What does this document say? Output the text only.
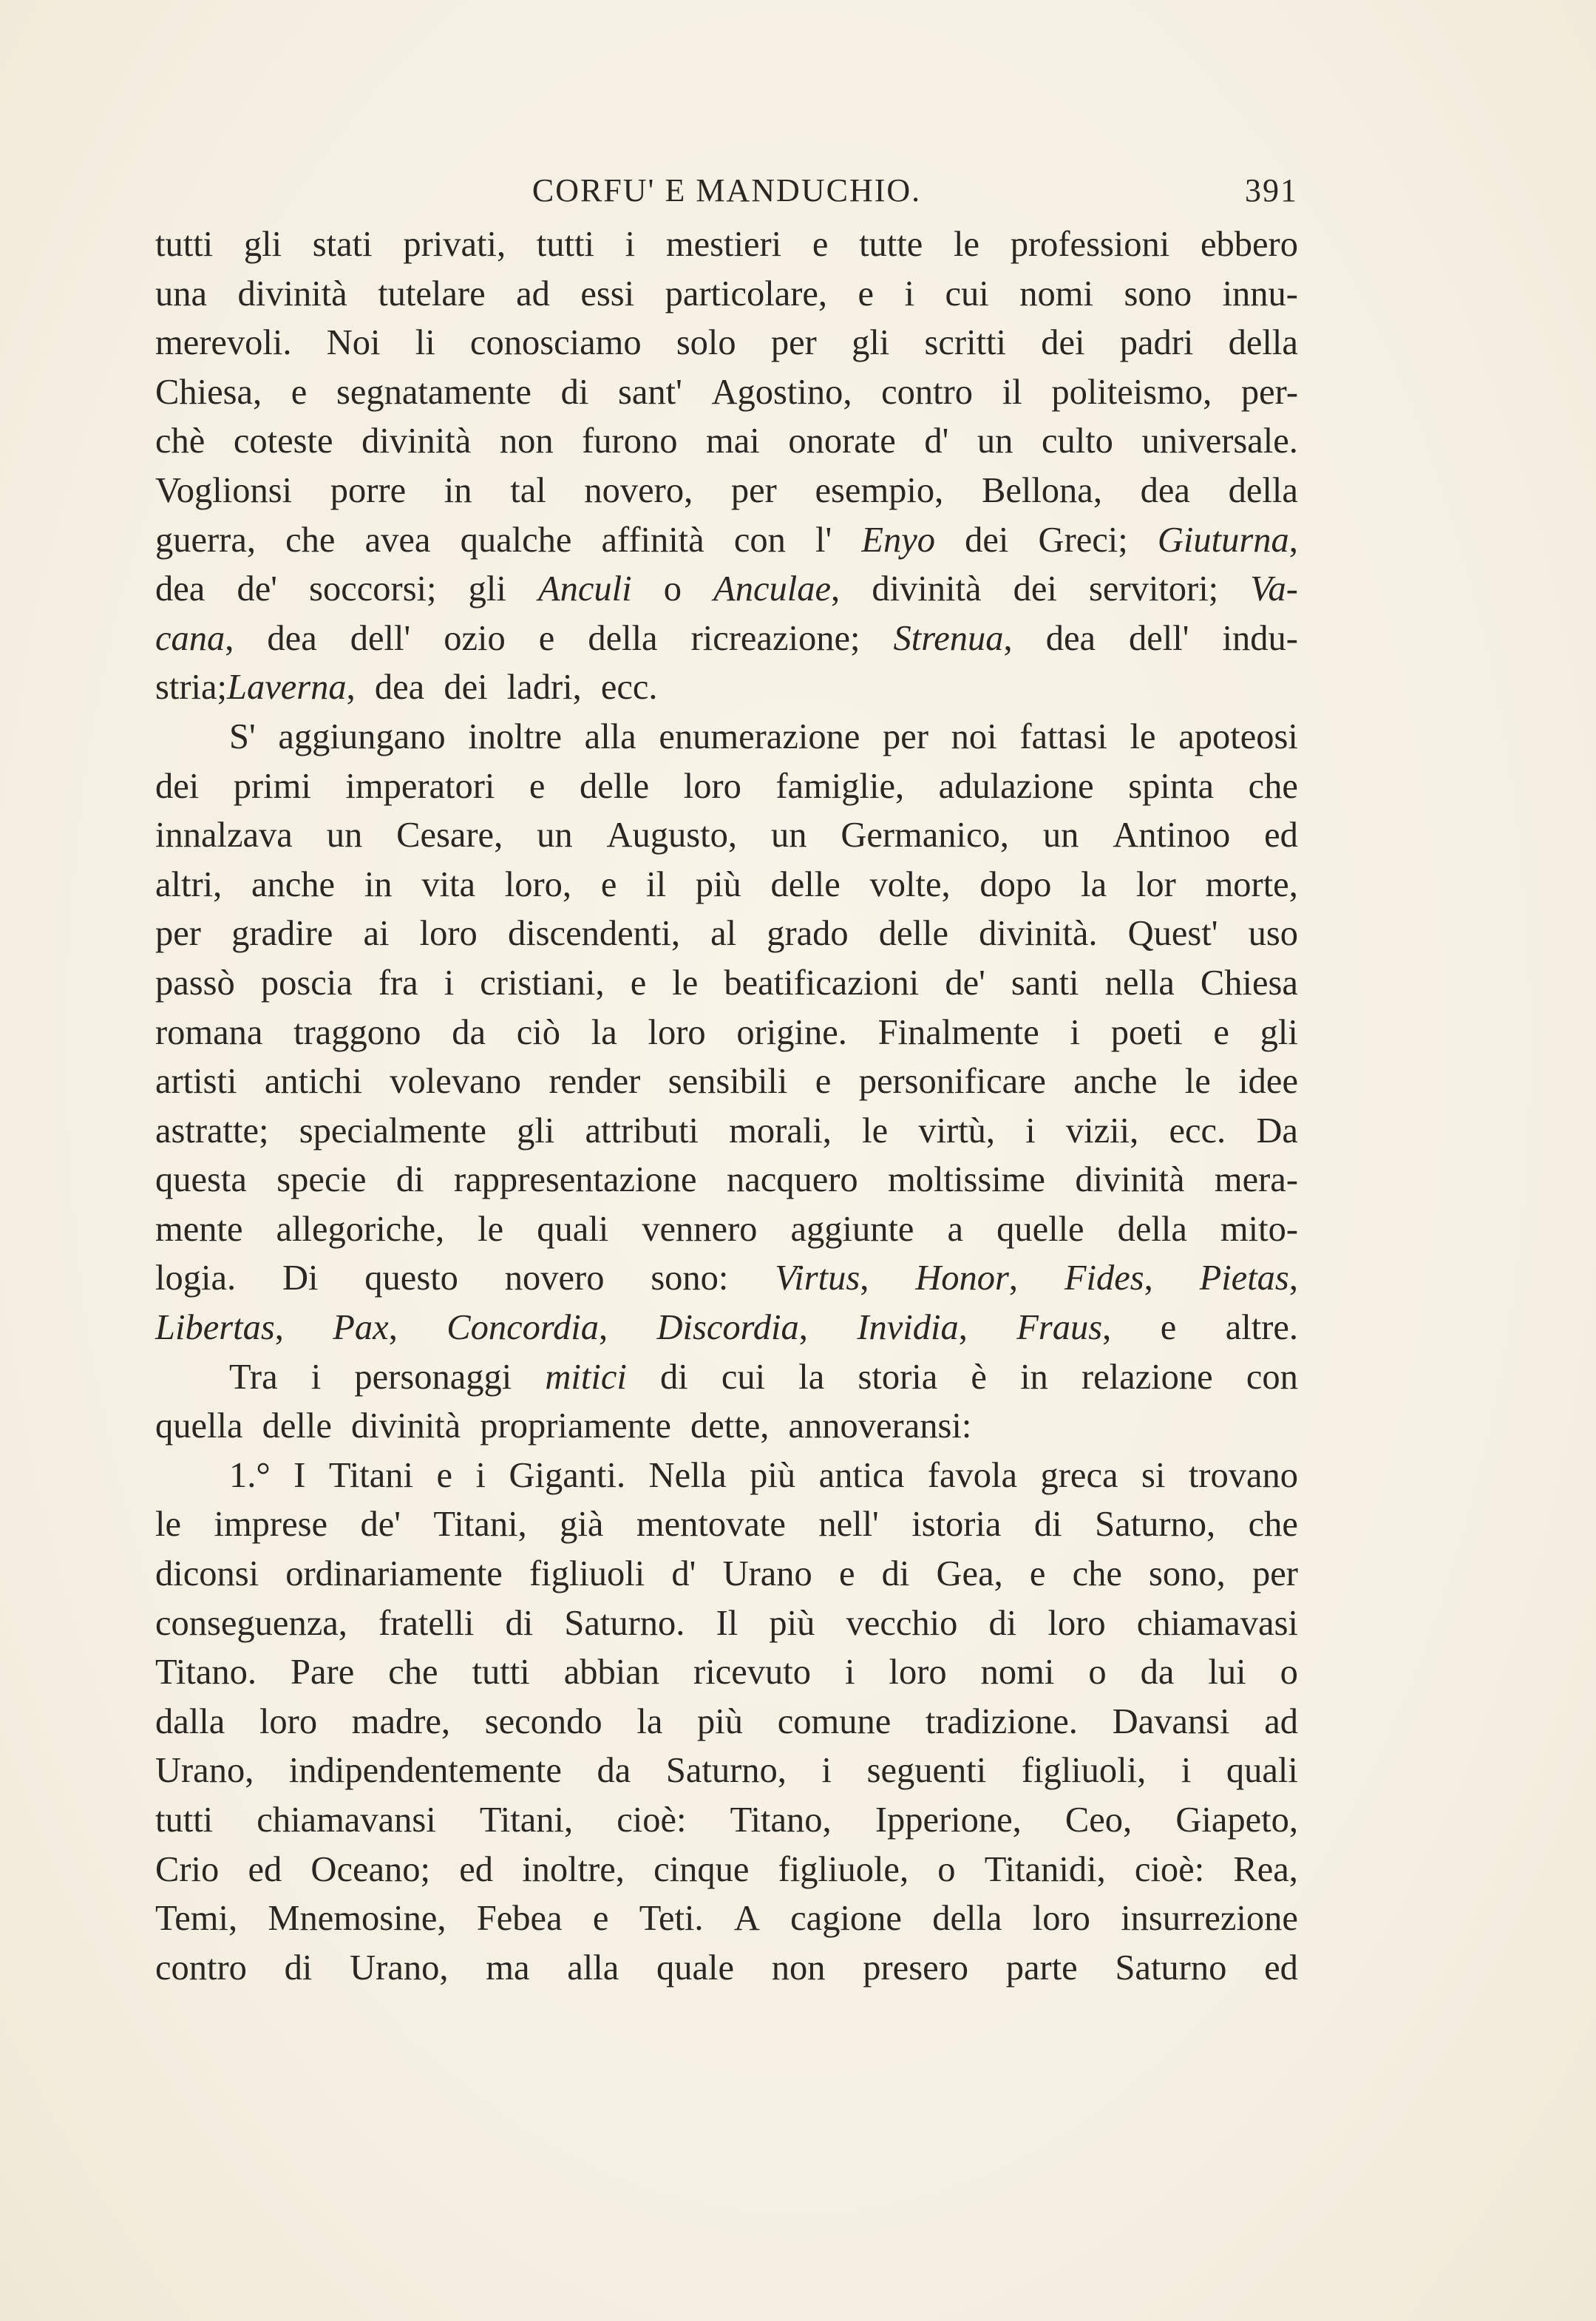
CORFU' E MANDUCHIO.	391
tutti gli stati privati, tutti i mestieri e tutte le professioni ebbero
una divinità tutelare ad essi particolare, e i cui nomi sono innu-
merevoli. Noi li conosciamo solo per gli scritti dei padri della
Chiesa, e segnatamente di sant' Agostino, contro il politeismo, per-
chè coteste divinità non furono mai onorate d' un culto universale.
Voglionsi porre in tal novero, per esempio, Bellona, dea della
guerra, che avea qualche affinità con l' Enyo dei Greci; Giuturna,
dea de' soccorsi; gli Anculi o Anculae, divinità dei servitori; Va-
cana, dea dell' ozio e della ricreazione; Strenua, dea dell' indu-
stria; Laverna , dea dei ladri, ecc.
S' aggiungano inoltre alla enumerazione per noi fattasi le apoteosi
dei primi imperatori e delle loro famiglie, adulazione spinta che
innalzava un Cesare, un Augusto, un Germanico, un Antinoo ed
altri, anche in vita loro, e il più delle volte, dopo la lor morte,
per gradire ai loro discendenti, al grado delle divinità. Quest' uso
passò poscia fra i cristiani, e le beatificazioni de' santi nella Chiesa
romana traggono da ciò la loro origine. Finalmente i poeti e gli
artisti antichi volevano render sensibili e personificare anche le idee
astratte; specialmente gli attributi morali, le virtù, i vizii, ecc. Da
questa specie di rappresentazione nacquero moltissime divinità mera-
mente allegoriche, le quali vennero aggiunte a quelle della mito-
logia. Di questo novero sono: Virtus, Honor, Fides, Pietas,
Libertas, Pax, Concordia, Discordia, Invidia, Fraus, e altre.
Tra i personaggi mitici di cui la storia è in relazione con
quella delle divinità propriamente dette, annoveransi:
1.° I Titani e i Giganti. Nella più antica favola greca si trovano
le imprese de' Titani, già mentovate nell' istoria di Saturno, che
diconsi ordinariamente figliuoli d' Urano e di Gea, e che sono, per
conseguenza, fratelli di Saturno. Il più vecchio di loro chiamavasi
Titano. Pare che tutti abbian ricevuto i loro nomi o da lui o
dalla loro madre, secondo la più comune tradizione. Davansi ad
Urano, indipendentemente da Saturno, i seguenti figliuoli, i quali
tutti chiamavansi Titani, cioè: Titano, Ipperione, Ceo, Giapeto,
Crio ed Oceano; ed inoltre, cinque figliuole, o Titanidi, cioè: Rea,
Temi, Mnemosine, Febea e Teti. A cagione della loro insurrezione
contro di Urano, ma alla quale non presero parte Saturno ed
